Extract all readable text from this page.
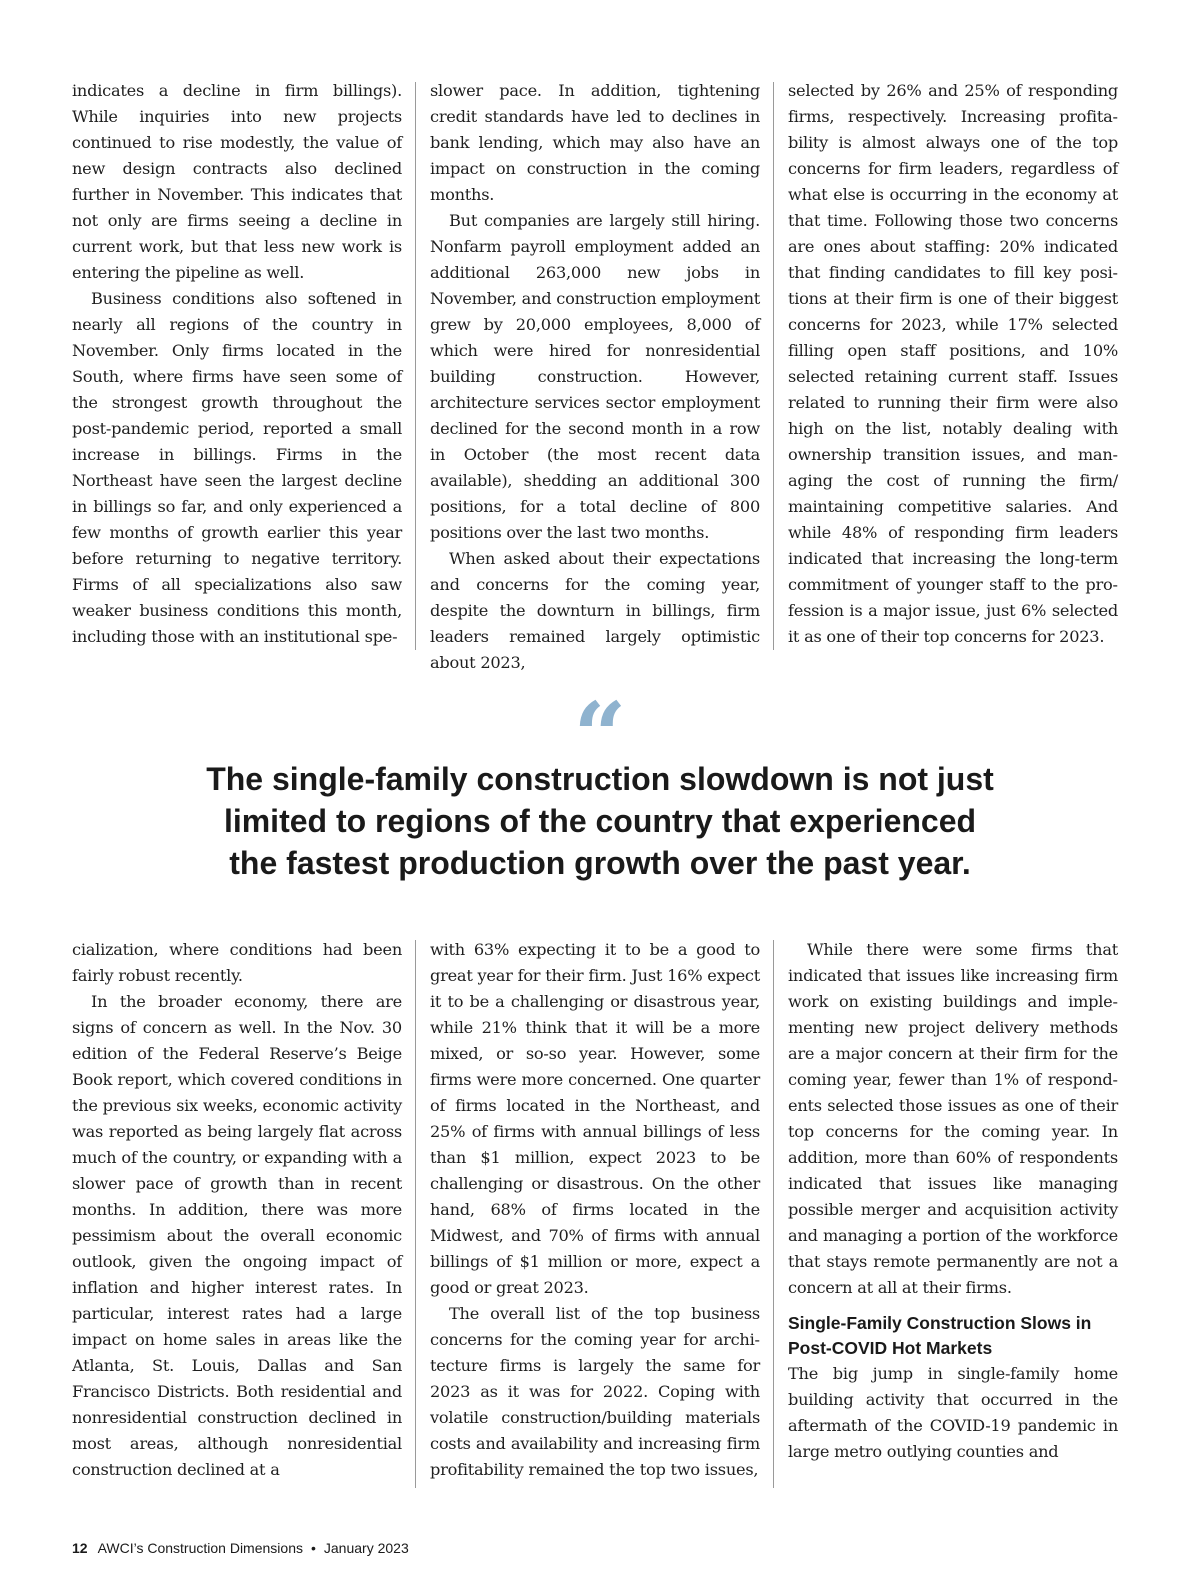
indicates a decline in firm billings). While inquiries into new projects continued to rise modestly, the value of new design contracts also declined further in November. This indicates that not only are firms seeing a decline in current work, but that less new work is entering the pipeline as well.

Business conditions also softened in nearly all regions of the country in November. Only firms located in the South, where firms have seen some of the strongest growth throughout the post-pandemic period, reported a small increase in billings. Firms in the Northeast have seen the largest decline in billings so far, and only experienced a few months of growth earlier this year before returning to negative territory. Firms of all specializations also saw weaker business conditions this month, including those with an institutional spe-

slower pace. In addition, tightening credit standards have led to declines in bank lending, which may also have an impact on construction in the coming months.

But companies are largely still hiring. Nonfarm payroll employment added an additional 263,000 new jobs in November, and construction employment grew by 20,000 employees, 8,000 of which were hired for nonresidential building construction. However, architecture services sector employment declined for the second month in a row in October (the most recent data available), shedding an additional 300 positions, for a total decline of 800 positions over the last two months.

When asked about their expectations and concerns for the coming year, despite the downturn in billings, firm leaders remained largely optimistic about 2023,

selected by 26% and 25% of responding firms, respectively. Increasing profitability is almost always one of the top concerns for firm leaders, regardless of what else is occurring in the economy at that time. Following those two concerns are ones about staffing: 20% indicated that finding candidates to fill key positions at their firm is one of their biggest concerns for 2023, while 17% selected filling open staff positions, and 10% selected retaining current staff. Issues related to running their firm were also high on the list, notably dealing with ownership transition issues, and managing the cost of running the firm/ maintaining competitive salaries. And while 48% of responding firm leaders indicated that increasing the long-term commitment of younger staff to the profession is a major issue, just 6% selected it as one of their top concerns for 2023.

“
The single-family construction slowdown is not just
limited to regions of the country that experienced
the fastest production growth over the past year.

cialization, where conditions had been fairly robust recently.

In the broader economy, there are signs of concern as well. In the Nov. 30 edition of the Federal Reserve’s Beige Book report, which covered conditions in the previous six weeks, economic activity was reported as being largely flat across much of the country, or expanding with a slower pace of growth than in recent months. In addition, there was more pessimism about the overall economic outlook, given the ongoing impact of inflation and higher interest rates. In particular, interest rates had a large impact on home sales in areas like the Atlanta, St. Louis, Dallas and San Francisco Districts. Both residential and nonresidential construction declined in most areas, although nonresidential construction declined at a

with 63% expecting it to be a good to great year for their firm. Just 16% expect it to be a challenging or disastrous year, while 21% think that it will be a more mixed, or so-so year. However, some firms were more concerned. One quarter of firms located in the Northeast, and 25% of firms with annual billings of less than $1 million, expect 2023 to be challenging or disastrous. On the other hand, 68% of firms located in the Midwest, and 70% of firms with annual billings of $1 million or more, expect a good or great 2023.

The overall list of the top business concerns for the coming year for architecture firms is largely the same for 2023 as it was for 2022. Coping with volatile construction/building materials costs and availability and increasing firm profitability remained the top two issues,

While there were some firms that indicated that issues like increasing firm work on existing buildings and implementing new project delivery methods are a major concern at their firm for the coming year, fewer than 1% of respondents selected those issues as one of their top concerns for the coming year. In addition, more than 60% of respondents indicated that issues like managing possible merger and acquisition activity and managing a portion of the workforce that stays remote permanently are not a concern at all at their firms.

Single-Family Construction Slows in Post-COVID Hot Markets

The big jump in single-family home building activity that occurred in the aftermath of the COVID-19 pandemic in large metro outlying counties and

12 AWCI’s Construction Dimensions • January 2023
